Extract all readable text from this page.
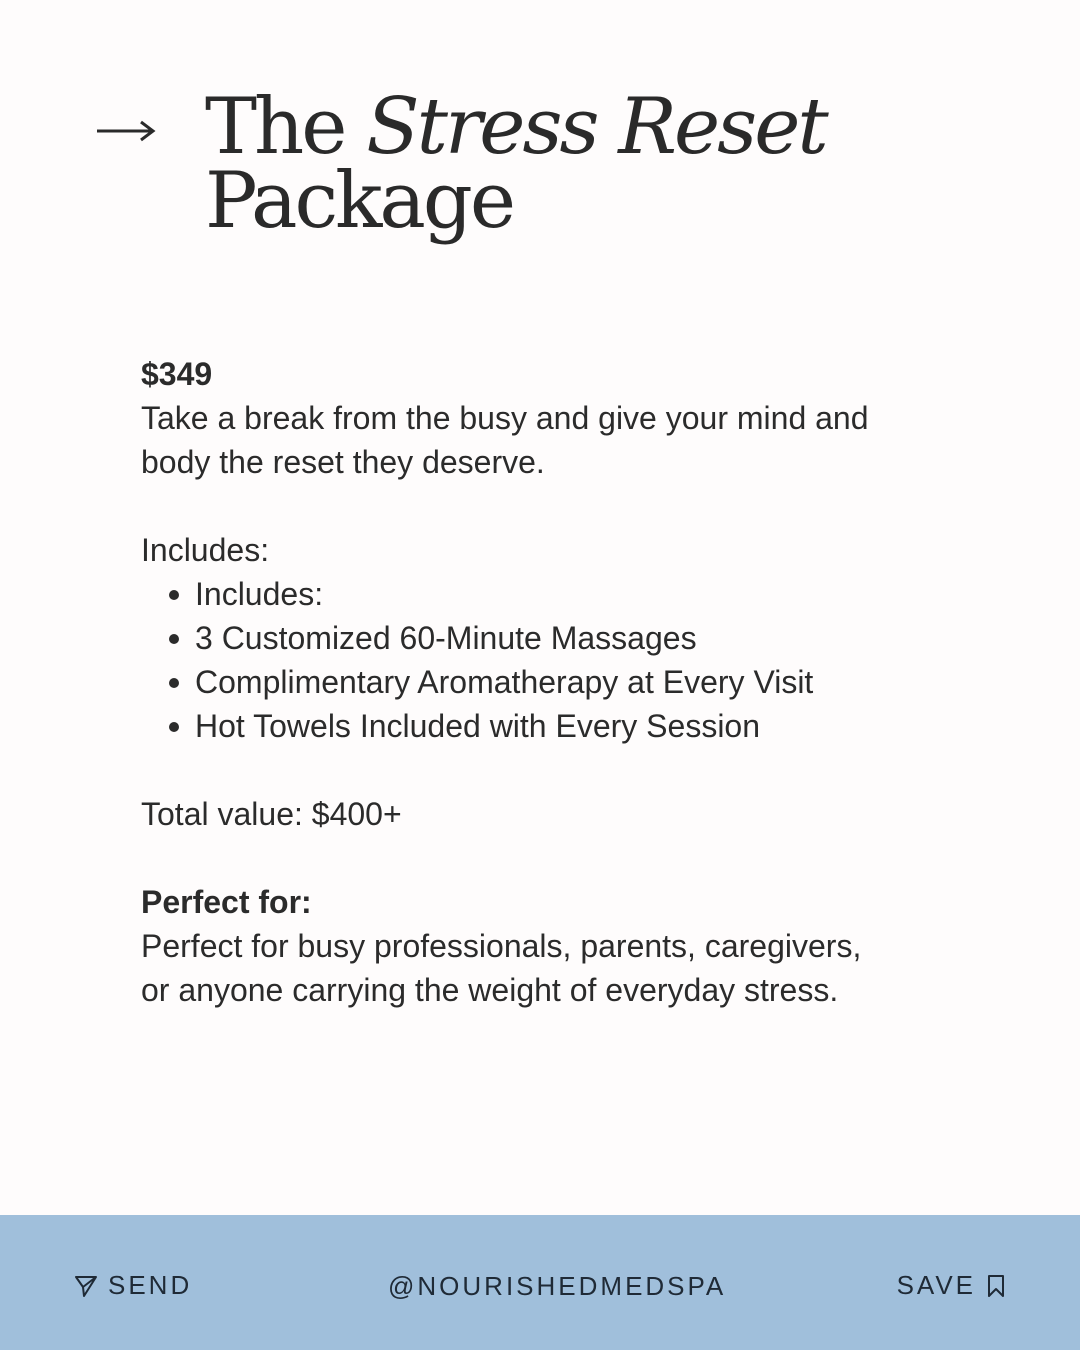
The Stress Reset
Package

$349

Take a break from the busy and give your mind and

body the reset they deserve.

Includes:

Includes:
3 Customized 60-Minute Massages
Complimentary Aromatherapy at Every Visit
Hot Towels Included with Every Session

Total value: $400+

Perfect for:

Perfect for busy professionals, parents, caregivers,

or anyone carrying the weight of everyday stress.

SEND	@NOURISHEDMEDSPA	SAVE
